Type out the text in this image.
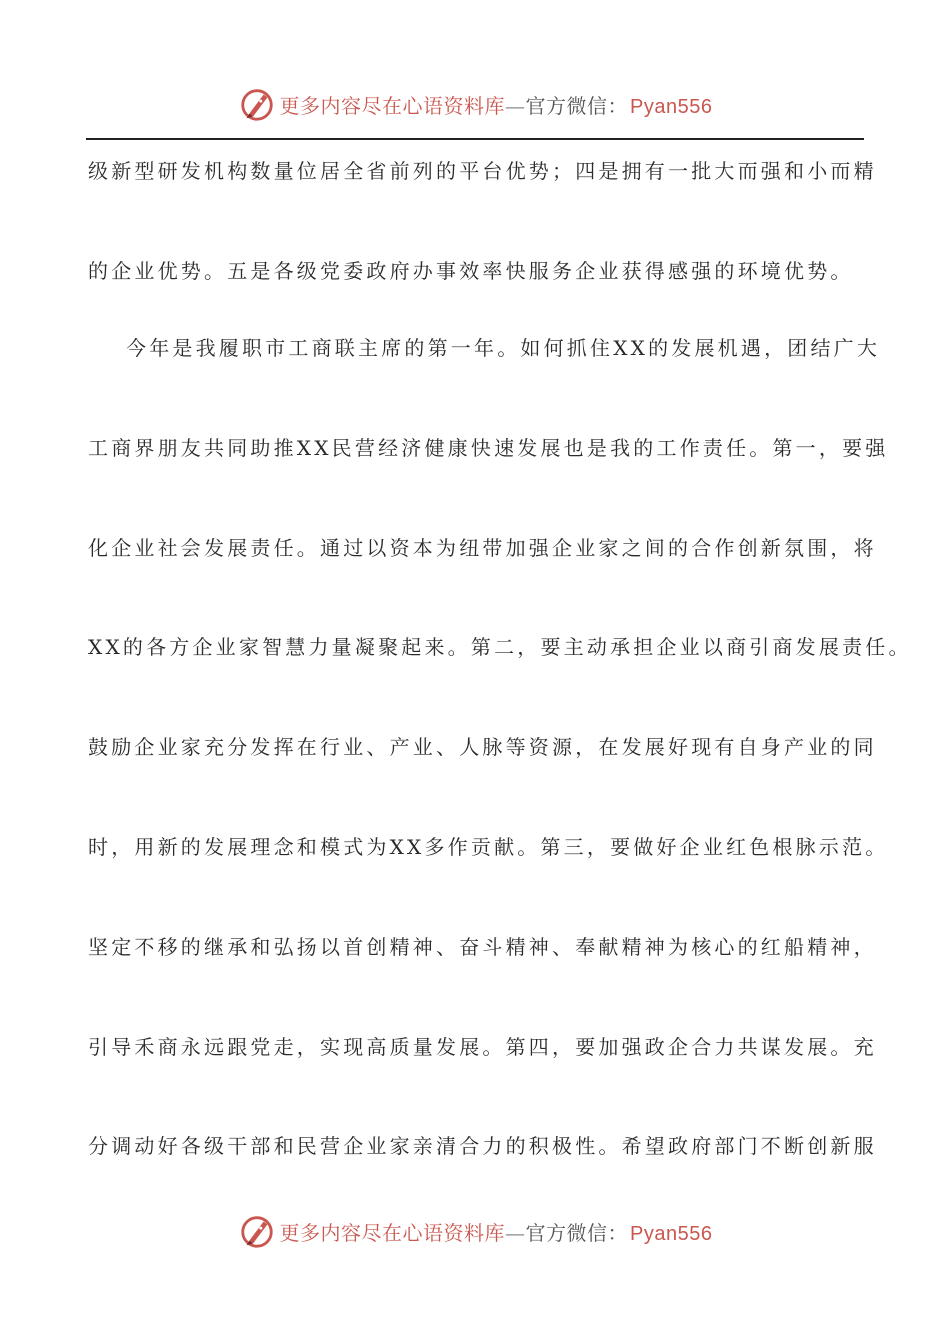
更多内容尽在心语资料库—官方微信： Pyan556
级新型研发机构数量位居全省前列的平台优势；四是拥有一批大而强和小而精
的企业优势。五是各级党委政府办事效率快服务企业获得感强的环境优势。
今年是我履职市工商联主席的第一年。如何抓住XX的发展机遇，团结广大
工商界朋友共同助推XX民营经济健康快速发展也是我的工作责任。第一，要强
化企业社会发展责任。通过以资本为纽带加强企业家之间的合作创新氛围，将
XX的各方企业家智慧力量凝聚起来。第二，要主动承担企业以商引商发展责任。
鼓励企业家充分发挥在行业、产业、人脉等资源，在发展好现有自身产业的同
时，用新的发展理念和模式为XX多作贡献。第三，要做好企业红色根脉示范。
坚定不移的继承和弘扬以首创精神、奋斗精神、奉献精神为核心的红船精神，
引导禾商永远跟党走，实现高质量发展。第四，要加强政企合力共谋发展。充
分调动好各级干部和民营企业家亲清合力的积极性。希望政府部门不断创新服
更多内容尽在心语资料库—官方微信： Pyan556
